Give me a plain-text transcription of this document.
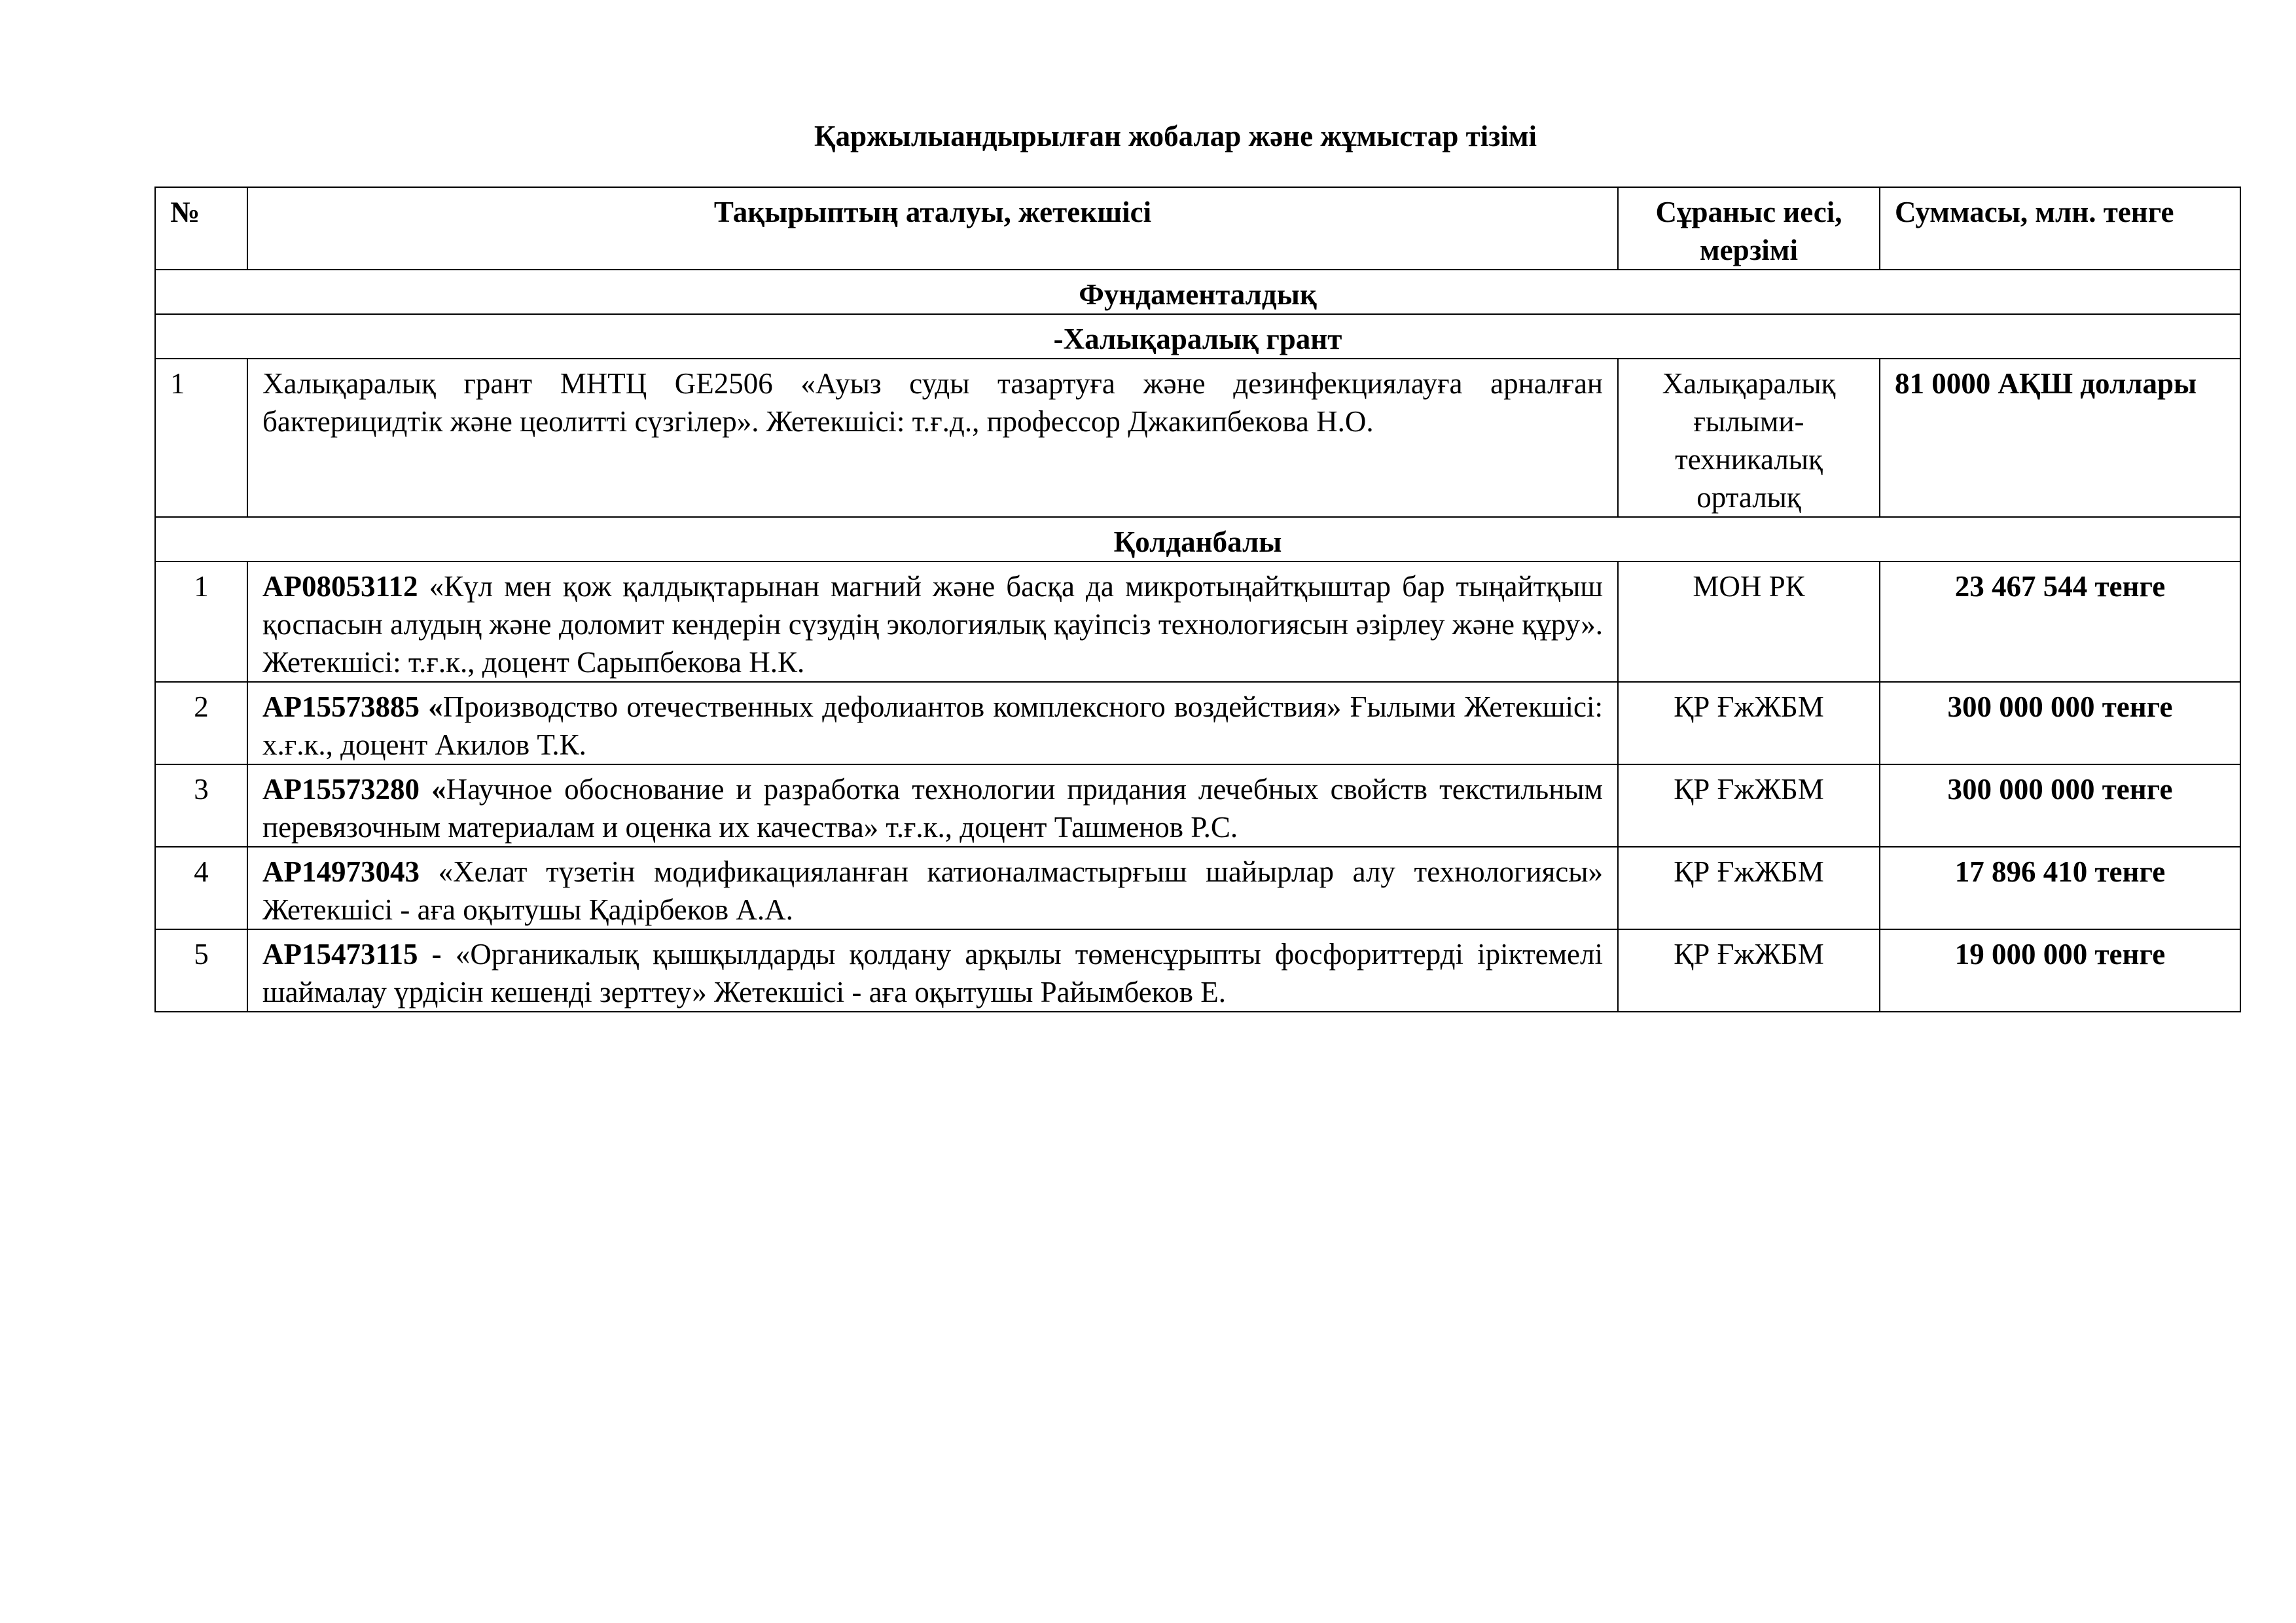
Қаржылыандырылған жобалар және жұмыстар тізімі
№	Тақырыптың аталуы, жетекшісі	Сұраныс иесі, мерзімі	Суммасы, млн. тенге
Фундаменталдық			
-Халықаралық грант			
1	Халықаралық грант МНТЦ GE2506 «Ауыз суды тазартуға және дезинфекциялауға арналған бактерицидтік және цеолитті сүзгілер». Жетекшісі: т.ғ.д., профессор Джакипбекова Н.О.	Халықаралық ғылыми-техникалық орталық	81 0000 АҚШ доллары
Қолданбалы			
1	AP08053112 «Күл мен қож қалдықтарынан магний және басқа да микротыңайтқыштар бар тыңайтқыш қоспасын алудың және доломит кендерін сүзудің экологиялық қауіпсіз технологиясын әзірлеу және құру». Жетекшісі: т.ғ.к., доцент Сарыпбекова Н.К.	МОН РК	23 467 544 тенге
2	AP15573885 «Производство отечественных дефолиантов комплексного воздействия» Ғылыми Жетекшісі: х.ғ.к., доцент Акилов Т.К.	ҚР ҒжЖБМ	300 000 000 тенге
3	AP15573280 «Научное обоснование и разработка технологии придания лечебных свойств текстильным перевязочным материалам и оценка их качества» т.ғ.к., доцент Ташменов Р.С.	ҚР ҒжЖБМ	300 000 000 тенге
4	AP14973043 «Хелат түзетін модификацияланған катионалмастырғыш шайырлар алу технологиясы» Жетекшісі - аға оқытушы Қадірбеков А.А.	ҚР ҒжЖБМ	17 896 410 тенге
5	AP15473115 - «Органикалық қышқылдарды қолдану арқылы төменсұрыпты фосфориттерді іріктемелі шаймалау үрдісін кешенді зерттеу» Жетекшісі - аға оқытушы Райымбеков Е.	ҚР ҒжЖБМ	19 000 000 тенге
